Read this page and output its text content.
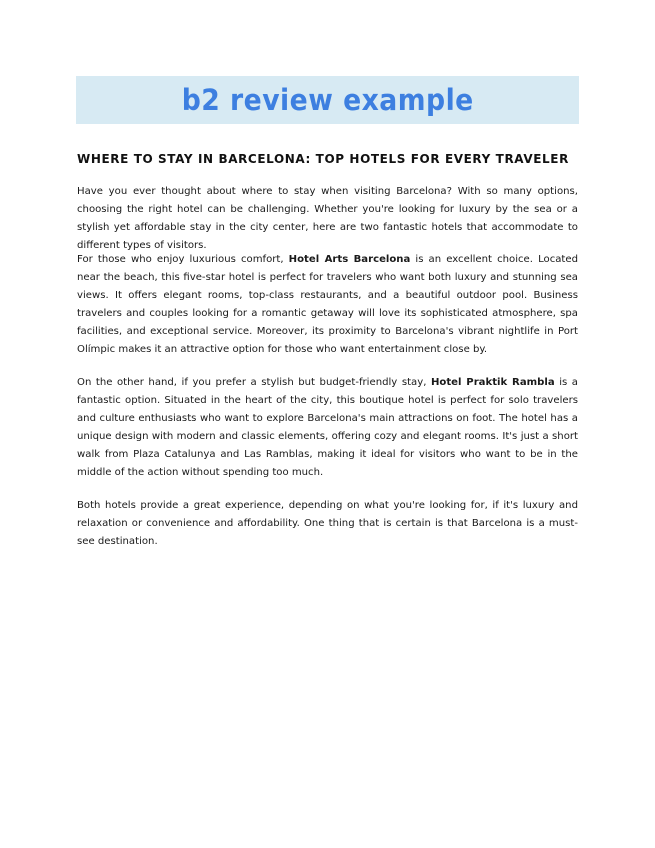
b2 review example
WHERE TO STAY IN BARCELONA: TOP HOTELS FOR EVERY TRAVELER

Have you ever thought about where to stay when visiting Barcelona? With so many options, choosing the right hotel can be challenging. Whether you're looking for luxury by the sea or a stylish yet affordable stay in the city center, here are two fantastic hotels that accommodate to different types of visitors.

For those who enjoy luxurious comfort, Hotel Arts Barcelona is an excellent choice. Located near the beach, this five-star hotel is perfect for travelers who want both luxury and stunning sea views. It offers elegant rooms, top-class restaurants, and a beautiful outdoor pool. Business travelers and couples looking for a romantic getaway will love its sophisticated atmosphere, spa facilities, and exceptional service. Moreover, its proximity to Barcelona's vibrant nightlife in Port Olímpic makes it an attractive option for those who want entertainment close by.

On the other hand, if you prefer a stylish but budget-friendly stay, Hotel Praktik Rambla is a fantastic option. Situated in the heart of the city, this boutique hotel is perfect for solo travelers and culture enthusiasts who want to explore Barcelona's main attractions on foot. The hotel has a unique design with modern and classic elements, offering cozy and elegant rooms. It's just a short walk from Plaza Catalunya and Las Ramblas, making it ideal for visitors who want to be in the middle of the action without spending too much.

Both hotels provide a great experience, depending on what you're looking for, if it's luxury and relaxation or convenience and affordability. One thing that is certain is that Barcelona is a must-see destination.
